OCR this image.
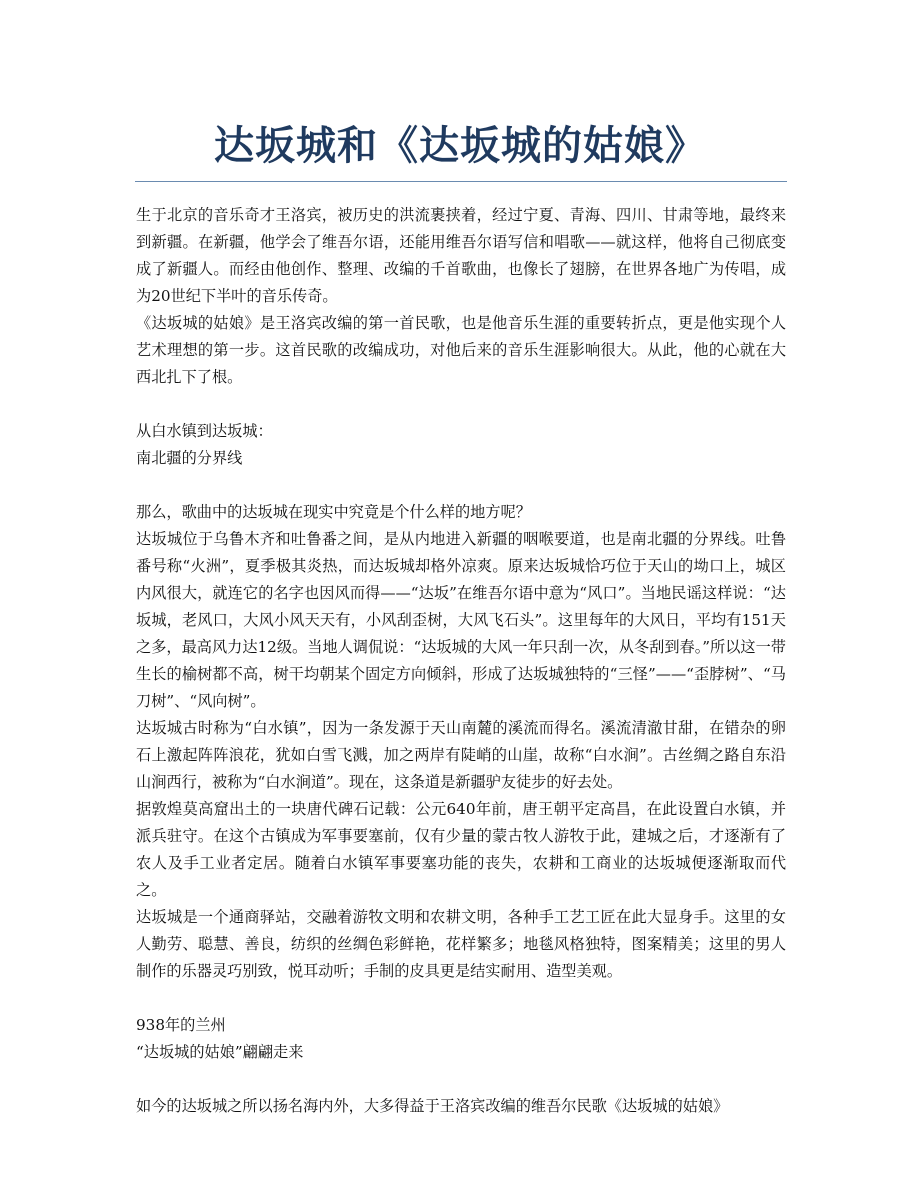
达坂城和《达坂城的姑娘》

生于北京的音乐奇才王洛宾，被历史的洪流裹挟着，经过宁夏、青海、四川、甘肃等地，最终来到新疆。在新疆，他学会了维吾尔语，还能用维吾尔语写信和唱歌——就这样，他将自己彻底变成了新疆人。而经由他创作、整理、改编的千首歌曲，也像长了翅膀，在世界各地广为传唱，成为20世纪下半叶的音乐传奇。

《达坂城的姑娘》是王洛宾改编的第一首民歌，也是他音乐生涯的重要转折点，更是他实现个人艺术理想的第一步。这首民歌的改编成功，对他后来的音乐生涯影响很大。从此，他的心就在大西北扎下了根。

从白水镇到达坂城：

南北疆的分界线

那么，歌曲中的达坂城在现实中究竟是个什么样的地方呢？

达坂城位于乌鲁木齐和吐鲁番之间，是从内地进入新疆的咽喉要道，也是南北疆的分界线。吐鲁番号称“火洲”，夏季极其炎热，而达坂城却格外凉爽。原来达坂城恰巧位于天山的坳口上，城区内风很大，就连它的名字也因风而得——“达坂”在维吾尔语中意为“风口”。当地民谣这样说：“达坂城，老风口，大风小风天天有，小风刮歪树，大风飞石头”。这里每年的大风日，平均有151天之多，最高风力达12级。当地人调侃说：“达坂城的大风一年只刮一次，从冬刮到春。”所以这一带生长的榆树都不高，树干均朝某个固定方向倾斜，形成了达坂城独特的“三怪”——“歪脖树”、“马刀树”、“风向树”。

达坂城古时称为“白水镇”，因为一条发源于天山南麓的溪流而得名。溪流清澈甘甜，在错杂的卵石上激起阵阵浪花，犹如白雪飞溅，加之两岸有陡峭的山崖，故称“白水涧”。古丝绸之路自东沿山涧西行，被称为“白水涧道”。现在，这条道是新疆驴友徒步的好去处。

据敦煌莫高窟出土的一块唐代碑石记载：公元640年前，唐王朝平定高昌，在此设置白水镇，并派兵驻守。在这个古镇成为军事要塞前，仅有少量的蒙古牧人游牧于此，建城之后，才逐渐有了农人及手工业者定居。随着白水镇军事要塞功能的丧失，农耕和工商业的达坂城便逐渐取而代之。

达坂城是一个通商驿站，交融着游牧文明和农耕文明，各种手工艺工匠在此大显身手。这里的女人勤劳、聪慧、善良，纺织的丝绸色彩鲜艳，花样繁多；地毯风格独特，图案精美；这里的男人制作的乐器灵巧别致，悦耳动听；手制的皮具更是结实耐用、造型美观。

938年的兰州

“达坂城的姑娘”翩翩走来

如今的达坂城之所以扬名海内外，大多得益于王洛宾改编的维吾尔民歌《达坂城的姑娘》
